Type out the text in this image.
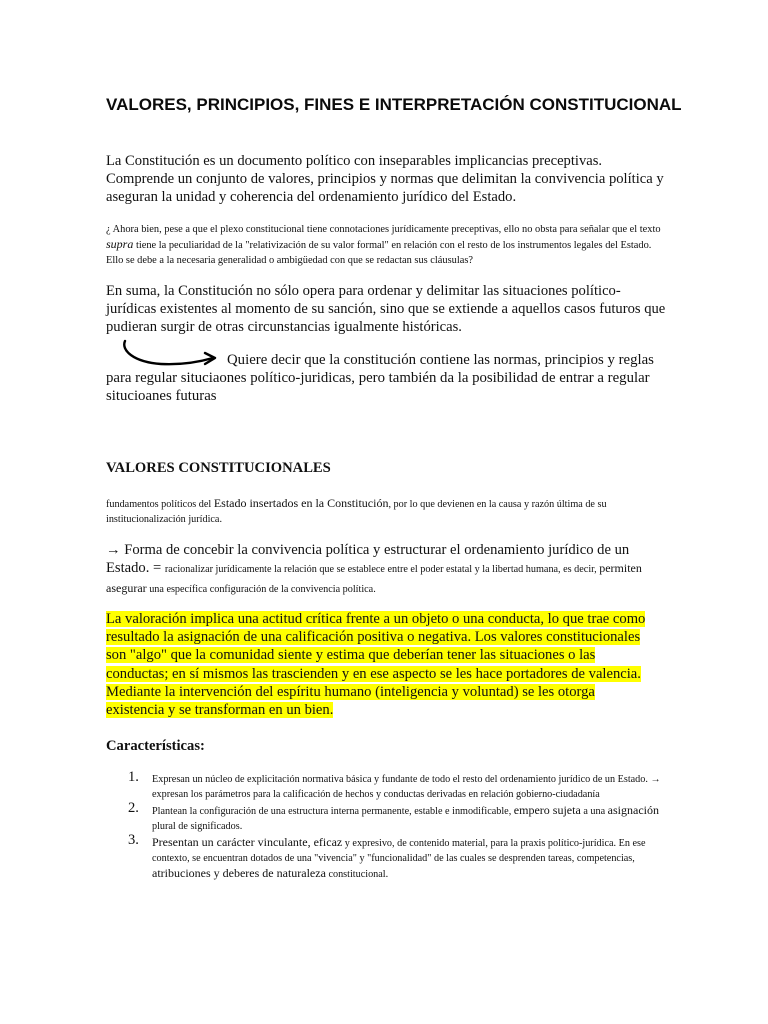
VALORES, PRINCIPIOS, FINES E INTERPRETACIÓN CONSTITUCIONAL
La Constitución es un documento político con inseparables implicancias preceptivas. Comprende un conjunto de valores, principios y normas que delimitan la convivencia política y aseguran la unidad y coherencia del ordenamiento jurídico del Estado.
¿ Ahora bien, pese a que el plexo constitucional tiene connotaciones jurídicamente preceptivas, ello no obsta para señalar que el texto supra tiene la peculiaridad de la "relativización de su valor formal" en relación con el resto de los instrumentos legales del Estado. Ello se debe a la necesaria generalidad o ambigüedad con que se redactan sus cláusulas?
En suma, la Constitución no sólo opera para ordenar y delimitar las situaciones político-jurídicas existentes al momento de su sanción, sino que se extiende a aquellos casos futuros que pudieran surgir de otras circunstancias igualmente históricas.
Quiere decir que la constitución contiene las normas, principios y reglas para regular situciaones político-juridicas, pero también da la posibilidad de entrar a regular situcioanes futuras
VALORES CONSTITUCIONALES
fundamentos políticos del Estado insertados en la Constitución, por lo que devienen en la causa y razón última de su institucionalización jurídica.
→ Forma de concebir la convivencia política y estructurar el ordenamiento jurídico de un Estado. = racionalizar jurídicamente la relación que se establece entre el poder estatal y la libertad humana, es decir, permiten asegurar una específica configuración de la convivencia política.
La valoración implica una actitud crítica frente a un objeto o una conducta, lo que trae como resultado la asignación de una calificación positiva o negativa. Los valores constitucionales son "algo" que la comunidad siente y estima que deberían tener las situaciones o las conductas; en sí mismos las trascienden y en ese aspecto se les hace portadores de valencia. Mediante la intervención del espíritu humano (inteligencia y voluntad) se les otorga existencia y se transforman en un bien.
Características:
1. Expresan un núcleo de explicitación normativa básica y fundante de todo el resto del ordenamiento jurídico de un Estado. → expresan los parámetros para la calificación de hechos y conductas derivadas en relación gobierno-ciudadanía
2. Plantean la configuración de una estructura interna permanente, estable e inmodificable, empero sujeta a una asignación plural de significados.
3. Presentan un carácter vinculante, eficaz y expresivo, de contenido material, para la praxis político-jurídica. En ese contexto, se encuentran dotados de una "vivencia" y "funcionalidad" de las cuales se desprenden tareas, competencias, atribuciones y deberes de naturaleza constitucional.
